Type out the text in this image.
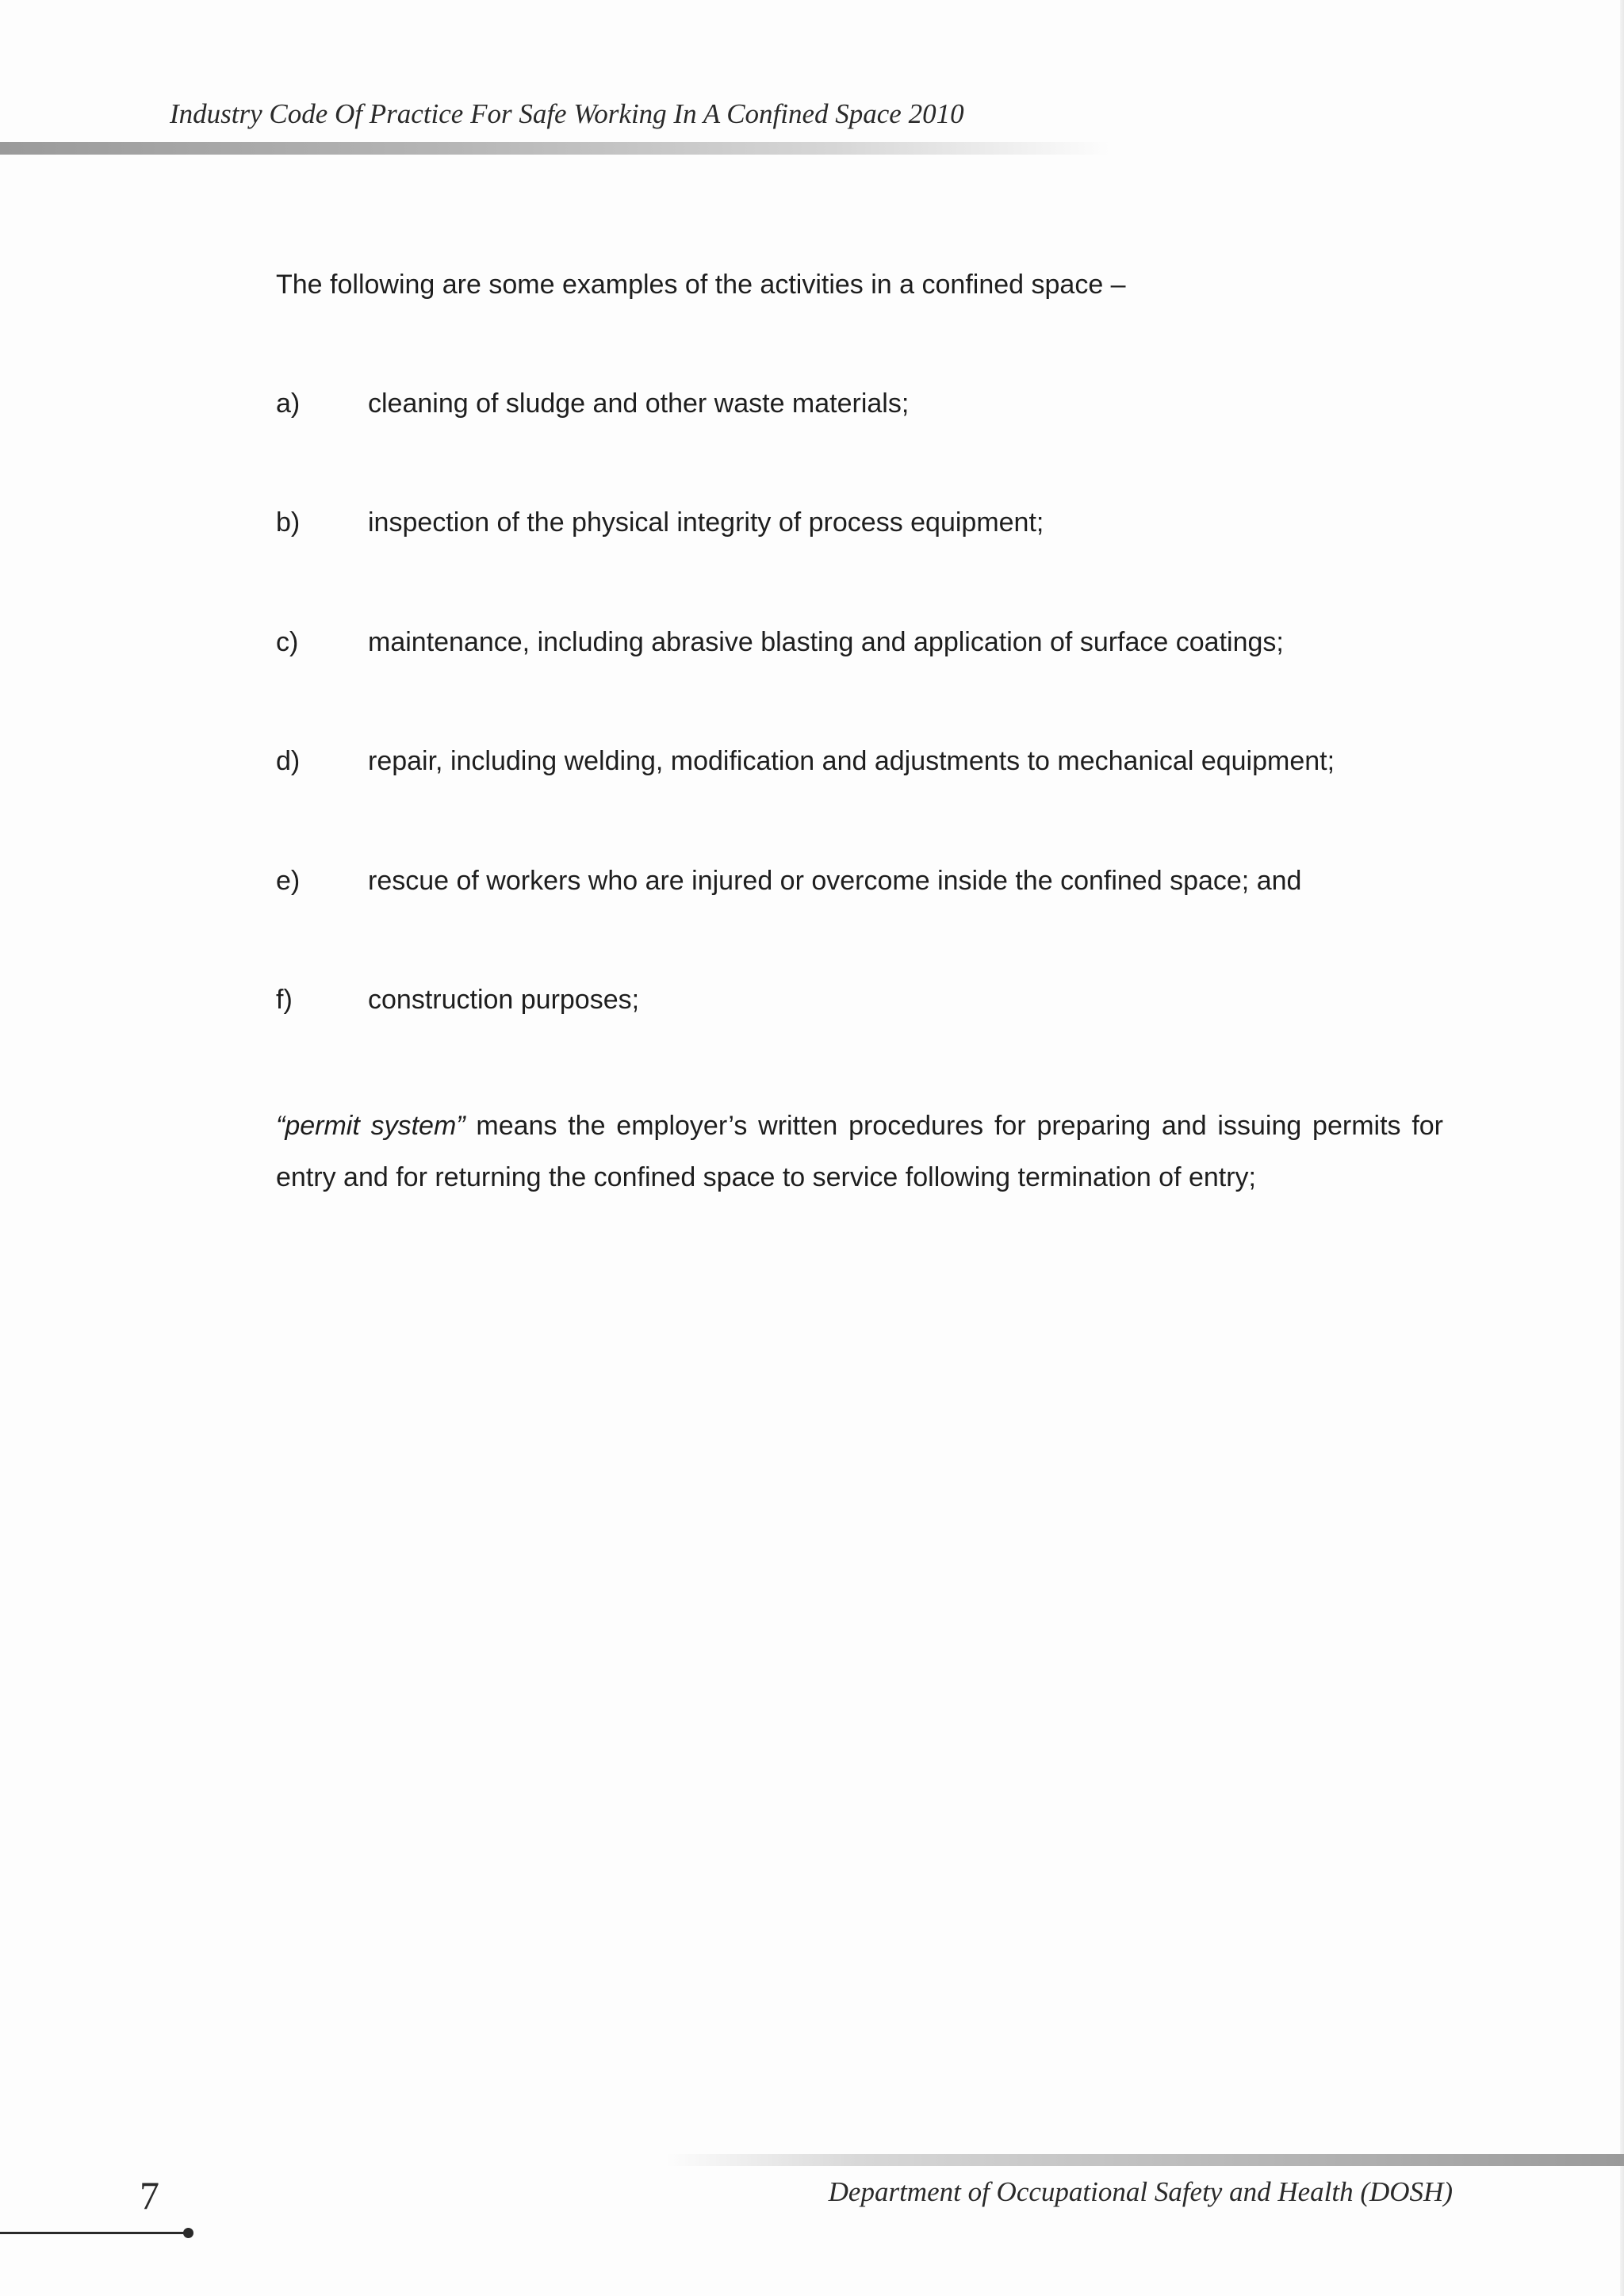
Industry Code Of Practice For Safe Working In A Confined Space 2010
The following are some examples of the activities in a confined space –
a)	cleaning of sludge and other waste materials;
b)	inspection of the physical integrity of process equipment;
c)	maintenance, including abrasive blasting and application of surface coatings;
d)	repair, including welding, modification and adjustments to mechanical equipment;
e)	rescue of workers who are injured or overcome inside the confined space; and
f)	construction purposes;

“permit system” means the employer’s written procedures for preparing and issuing permits for entry and for returning the confined space to service following termination of entry;

Department of Occupational Safety and Health (DOSH)
7
